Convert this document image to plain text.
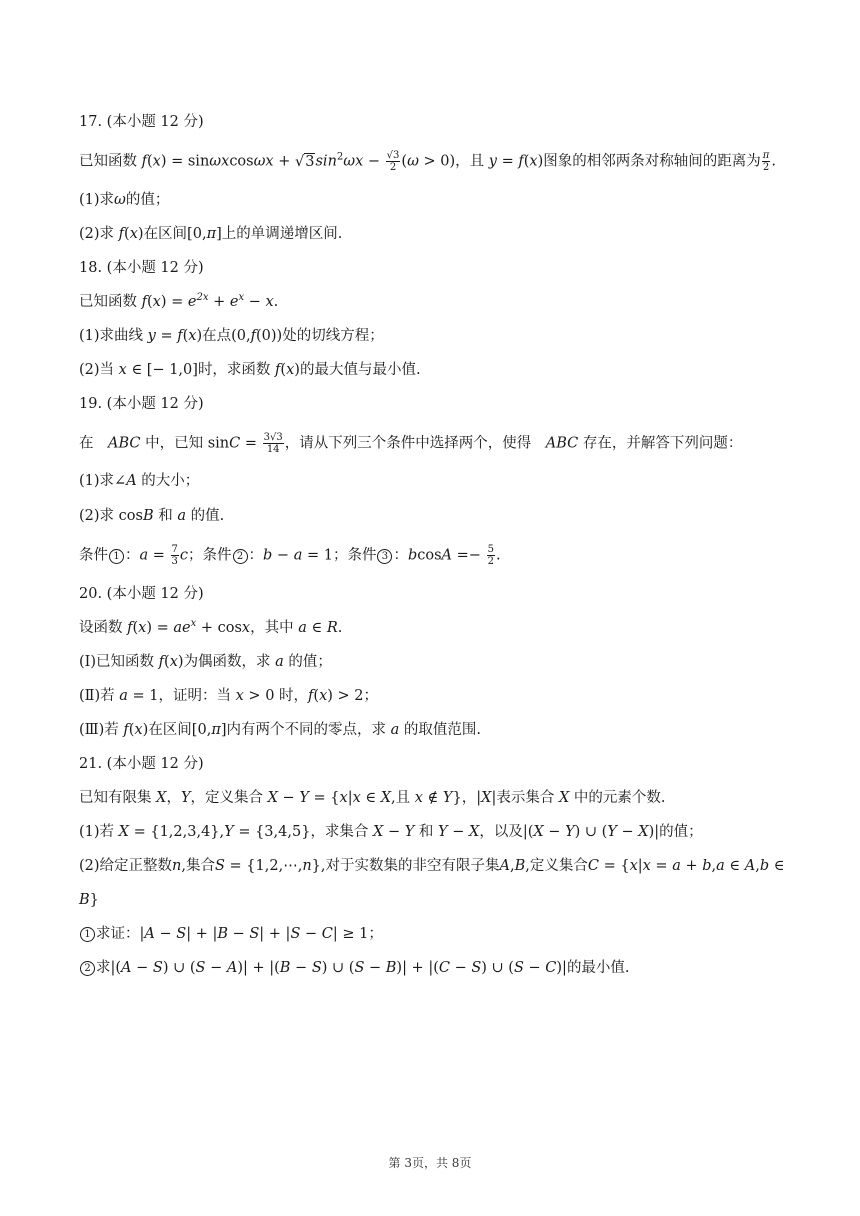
17. (本小题 12 分)
已知函数 $f(x) = \sin\omega xcos\omega x + √3\sin^2\omega x - \frac{√3}{2} (\omega > 0)$，且 y = f(x)图象的相邻两条对称轴间的距离为 $\frac{\pi}{2}$ .
(1)求ω的值；
(2)求 f(x)在区间[0,π]上的单调递增区间.
18. (本小题 12 分)
已知函数 $f(x) = e^{2x} + e^x - x$.
(1)求曲线 y = f(x)在点(0,f(0))处的切线方程；
(2)当 x ∈ [− 1,0]时，求函数 f(x)的最大值与最小值.
19. (本小题 12 分)
在　ABC 中，已知 $\sin C = \frac{3√3}{14}$ ，请从下列三个条件中选择两个，使得　ABC 存在，并解答下列问题：
(1)求∠A 的大小；
(2)求 cosB 和 a 的值.
条件 1 ：$a = \frac{7}{3}$ c；条件 2 ：b − a = 1；条件 3 ：$bcosA =- \frac{5}{2}$ .
20. (本小题 12 分)
设函数 $f(x) = ae^x + \cos x$，其中 a ∈ R.
(Ⅰ)已知函数 f(x)为偶函数，求 a 的值；
(Ⅱ)若 a = 1，证明：当 x > 0 时，f(x) > 2；
(Ⅲ)若 f(x)在区间[0,π]内有两个不同的零点，求 a 的取值范围.
21. (本小题 12 分)
已知有限集 X，Y，定义集合 X − Y = {x|x ∈ X,且 x ∉ Y}，|X|表示集合 X 中的元素个数.
(1)若 X = {1,2,3,4},Y = {3,4,5}，求集合 X − Y 和 Y − X，以及|(X − Y) ∪ (Y − X)|的值；
(2)给定正整数n,集合S = {1,2,⋯,n},对于实数集的非空有限子集A,B,定义集合C = {x|x = a + b,a ∈ A,b ∈
B}
1 求证：|A − S| + |B − S| + |S − C| ≥ 1；
2 求|(A − S) ∪ (S − A)| + |(B − S) ∪ (S − B)| + |(C − S) ∪ (S − C)|的最小值.
第 3页，共 8页
